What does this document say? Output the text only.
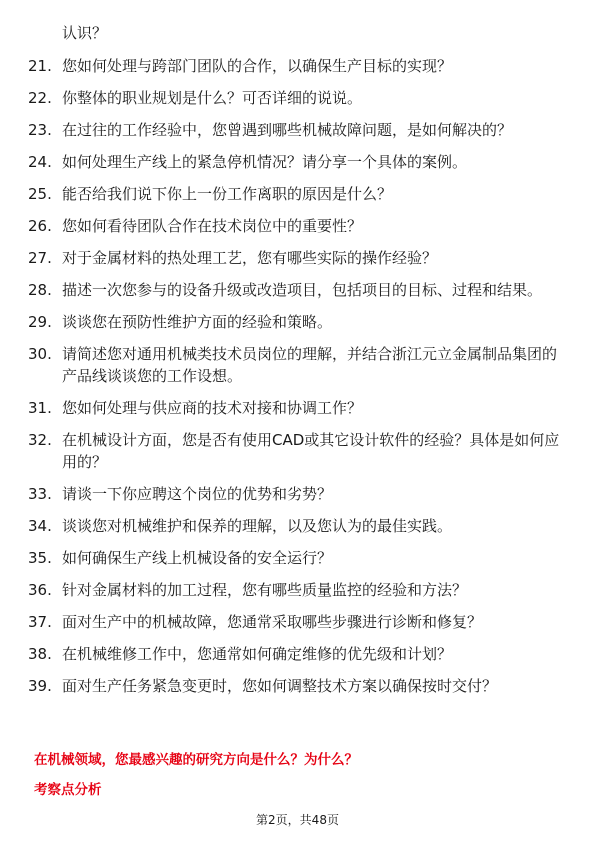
认识？
21. 您如何处理与跨部门团队的合作，以确保生产目标的实现？
22. 你整体的职业规划是什么？可否详细的说说。
23. 在过往的工作经验中，您曾遇到哪些机械故障问题，是如何解决的？
24. 如何处理生产线上的紧急停机情况？请分享一个具体的案例。
25. 能否给我们说下你上一份工作离职的原因是什么？
26. 您如何看待团队合作在技术岗位中的重要性？
27. 对于金属材料的热处理工艺，您有哪些实际的操作经验？
28. 描述一次您参与的设备升级或改造项目，包括项目的目标、过程和结果。
29. 谈谈您在预防性维护方面的经验和策略。
30. 请简述您对通用机械类技术员岗位的理解，并结合浙江元立金属制品集团的产品线谈谈您的工作设想。
31. 您如何处理与供应商的技术对接和协调工作？
32. 在机械设计方面，您是否有使用CAD或其它设计软件的经验？具体是如何应用的？
33. 请谈一下你应聘这个岗位的优势和劣势？
34. 谈谈您对机械维护和保养的理解，以及您认为的最佳实践。
35. 如何确保生产线上机械设备的安全运行？
36. 针对金属材料的加工过程，您有哪些质量监控的经验和方法？
37. 面对生产中的机械故障，您通常采取哪些步骤进行诊断和修复？
38. 在机械维修工作中，您通常如何确定维修的优先级和计划？
39. 面对生产任务紧急变更时，您如何调整技术方案以确保按时交付？
在机械领域，您最感兴趣的研究方向是什么？为什么？
考察点分析
第2页，共48页
